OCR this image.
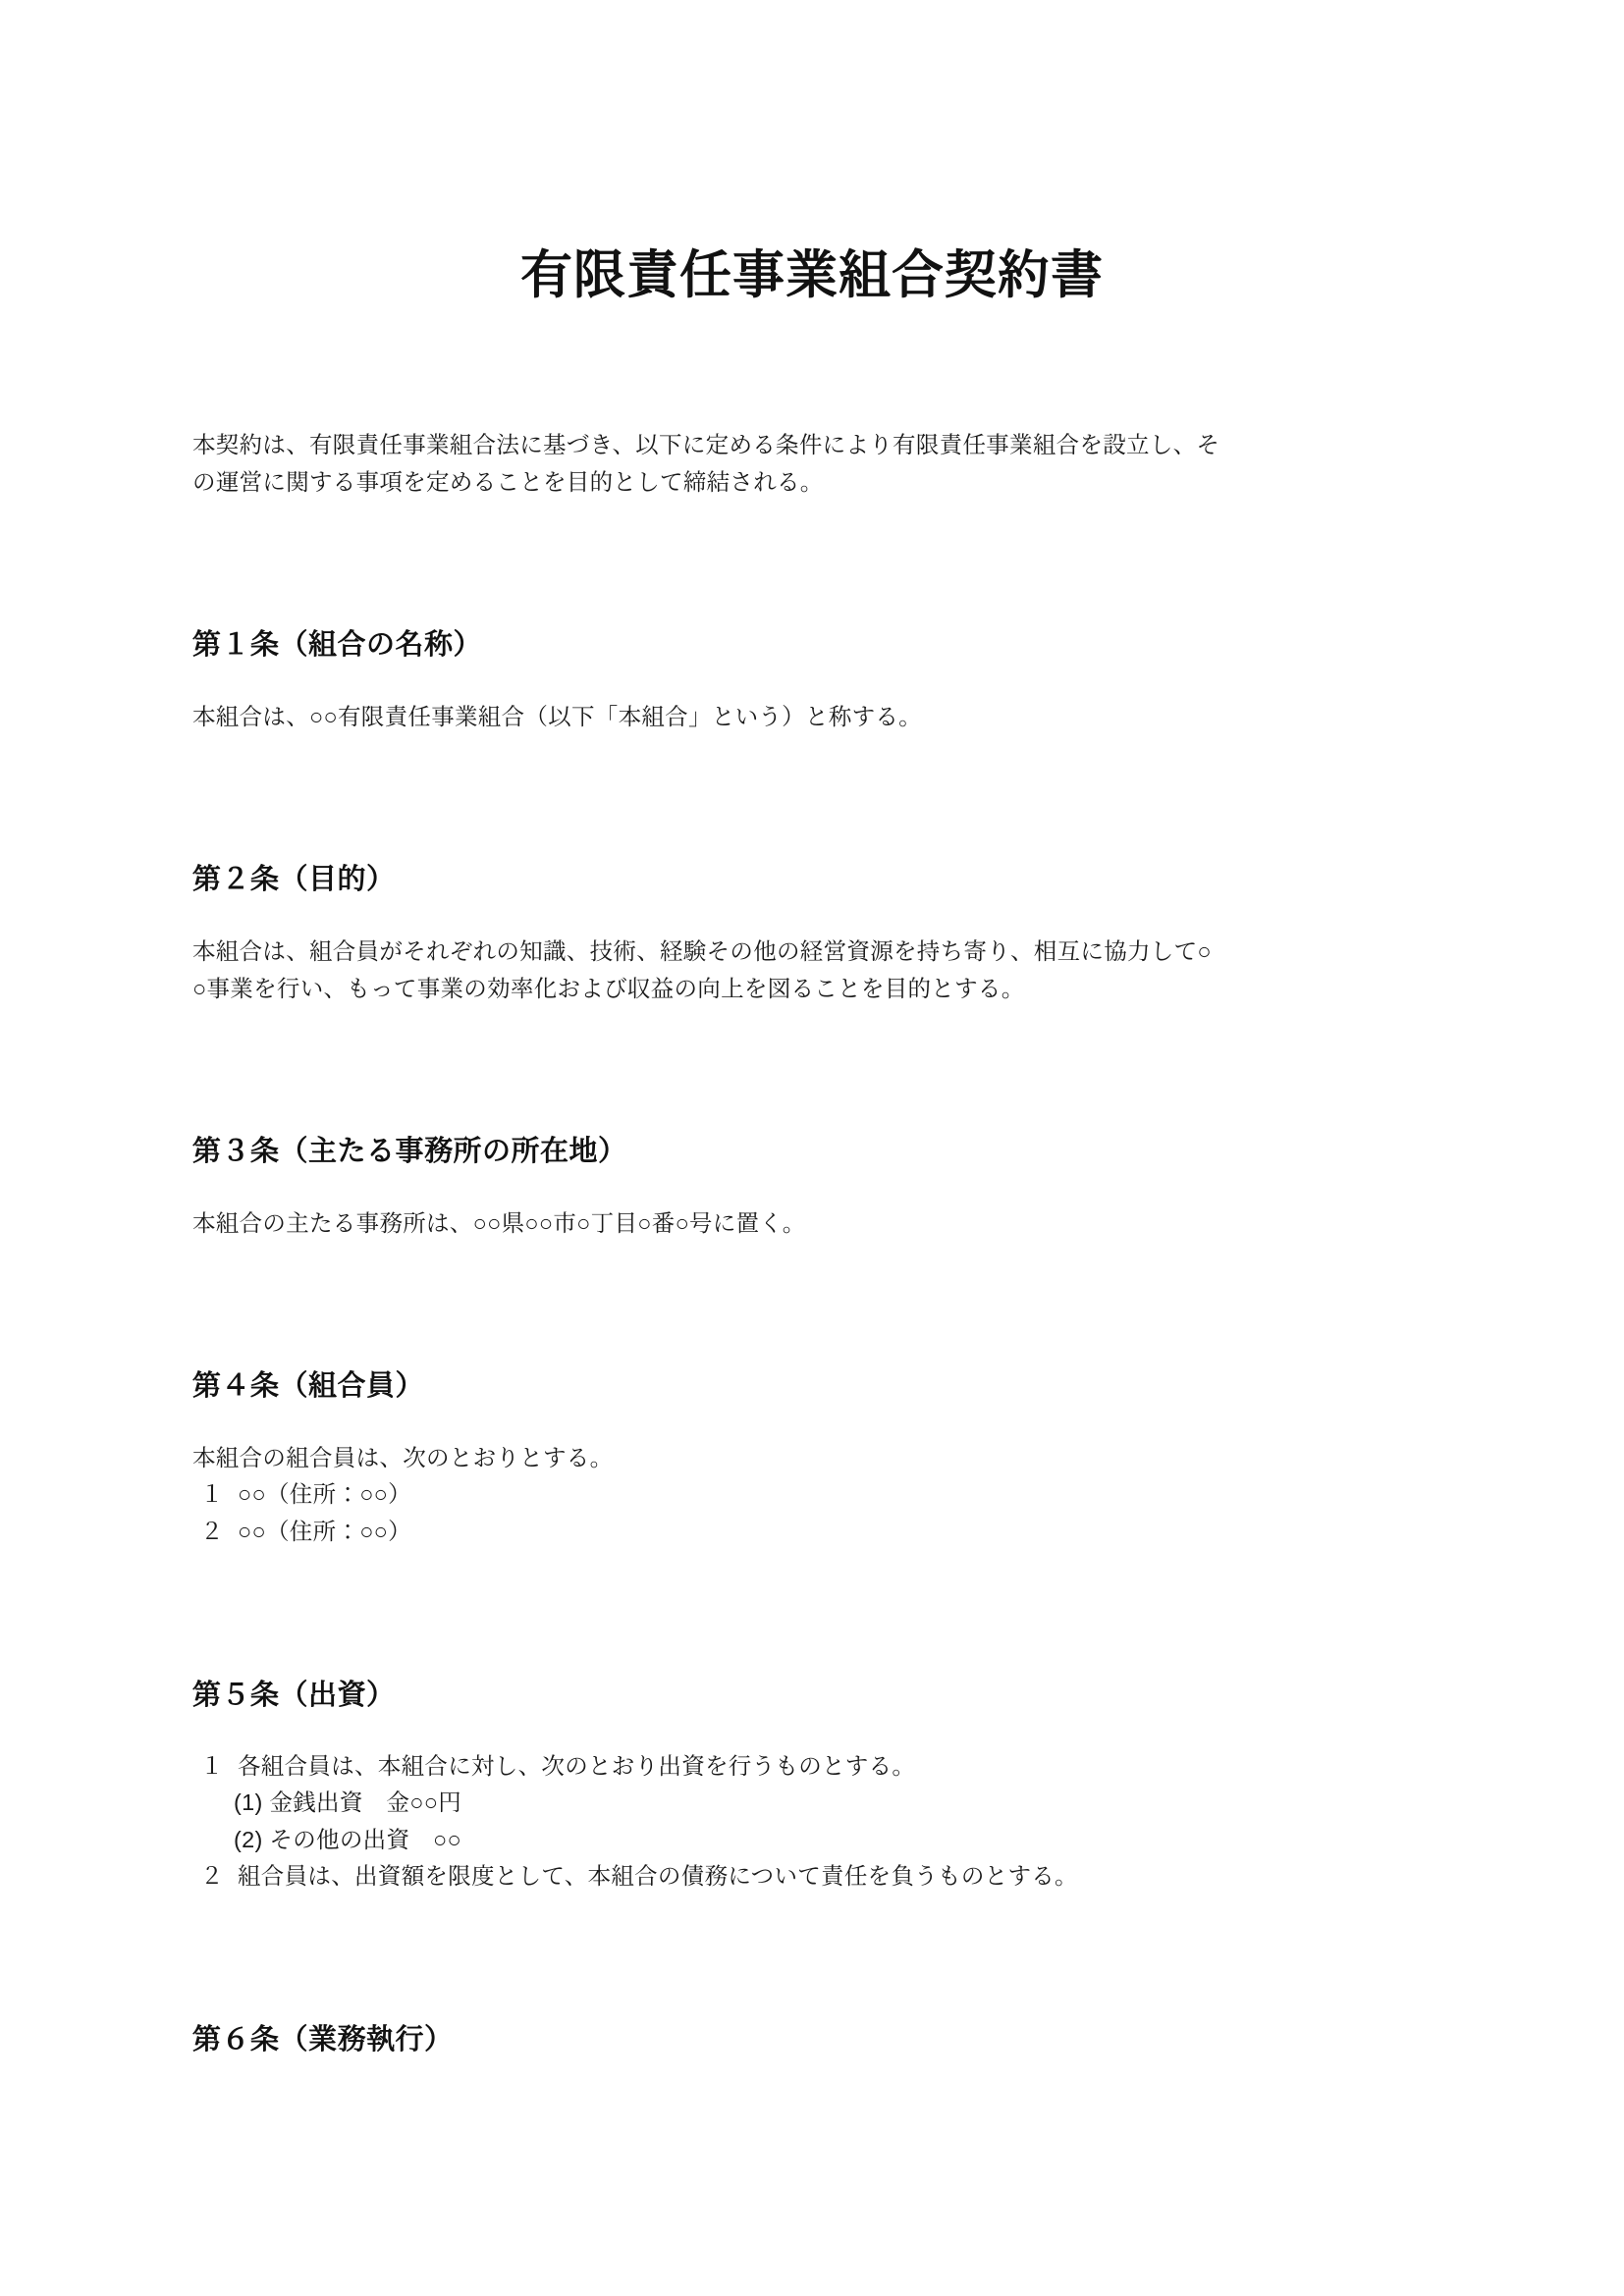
有限責任事業組合契約書
本契約は、有限責任事業組合法に基づき、以下に定める条件により有限責任事業組合を設立し、そ
の運営に関する事項を定めることを目的として締結される。
第１条（組合の名称）
本組合は、○○有限責任事業組合（以下「本組合」という）と称する。
第２条（目的）
本組合は、組合員がそれぞれの知識、技術、経験その他の経営資源を持ち寄り、相互に協力して○
○事業を行い、もって事業の効率化および収益の向上を図ることを目的とする。
第３条（主たる事務所の所在地）
本組合の主たる事務所は、○○県○○市○丁目○番○号に置く。
第４条（組合員）
本組合の組合員は、次のとおりとする。
１ ○○（住所：○○）
２ ○○（住所：○○）
第５条（出資）
１ 各組合員は、本組合に対し、次のとおり出資を行うものとする。
(1) 金銭出資　金○○円
(2) その他の出資　○○
２ 組合員は、出資額を限度として、本組合の債務について責任を負うものとする。
第６条（業務執行）
